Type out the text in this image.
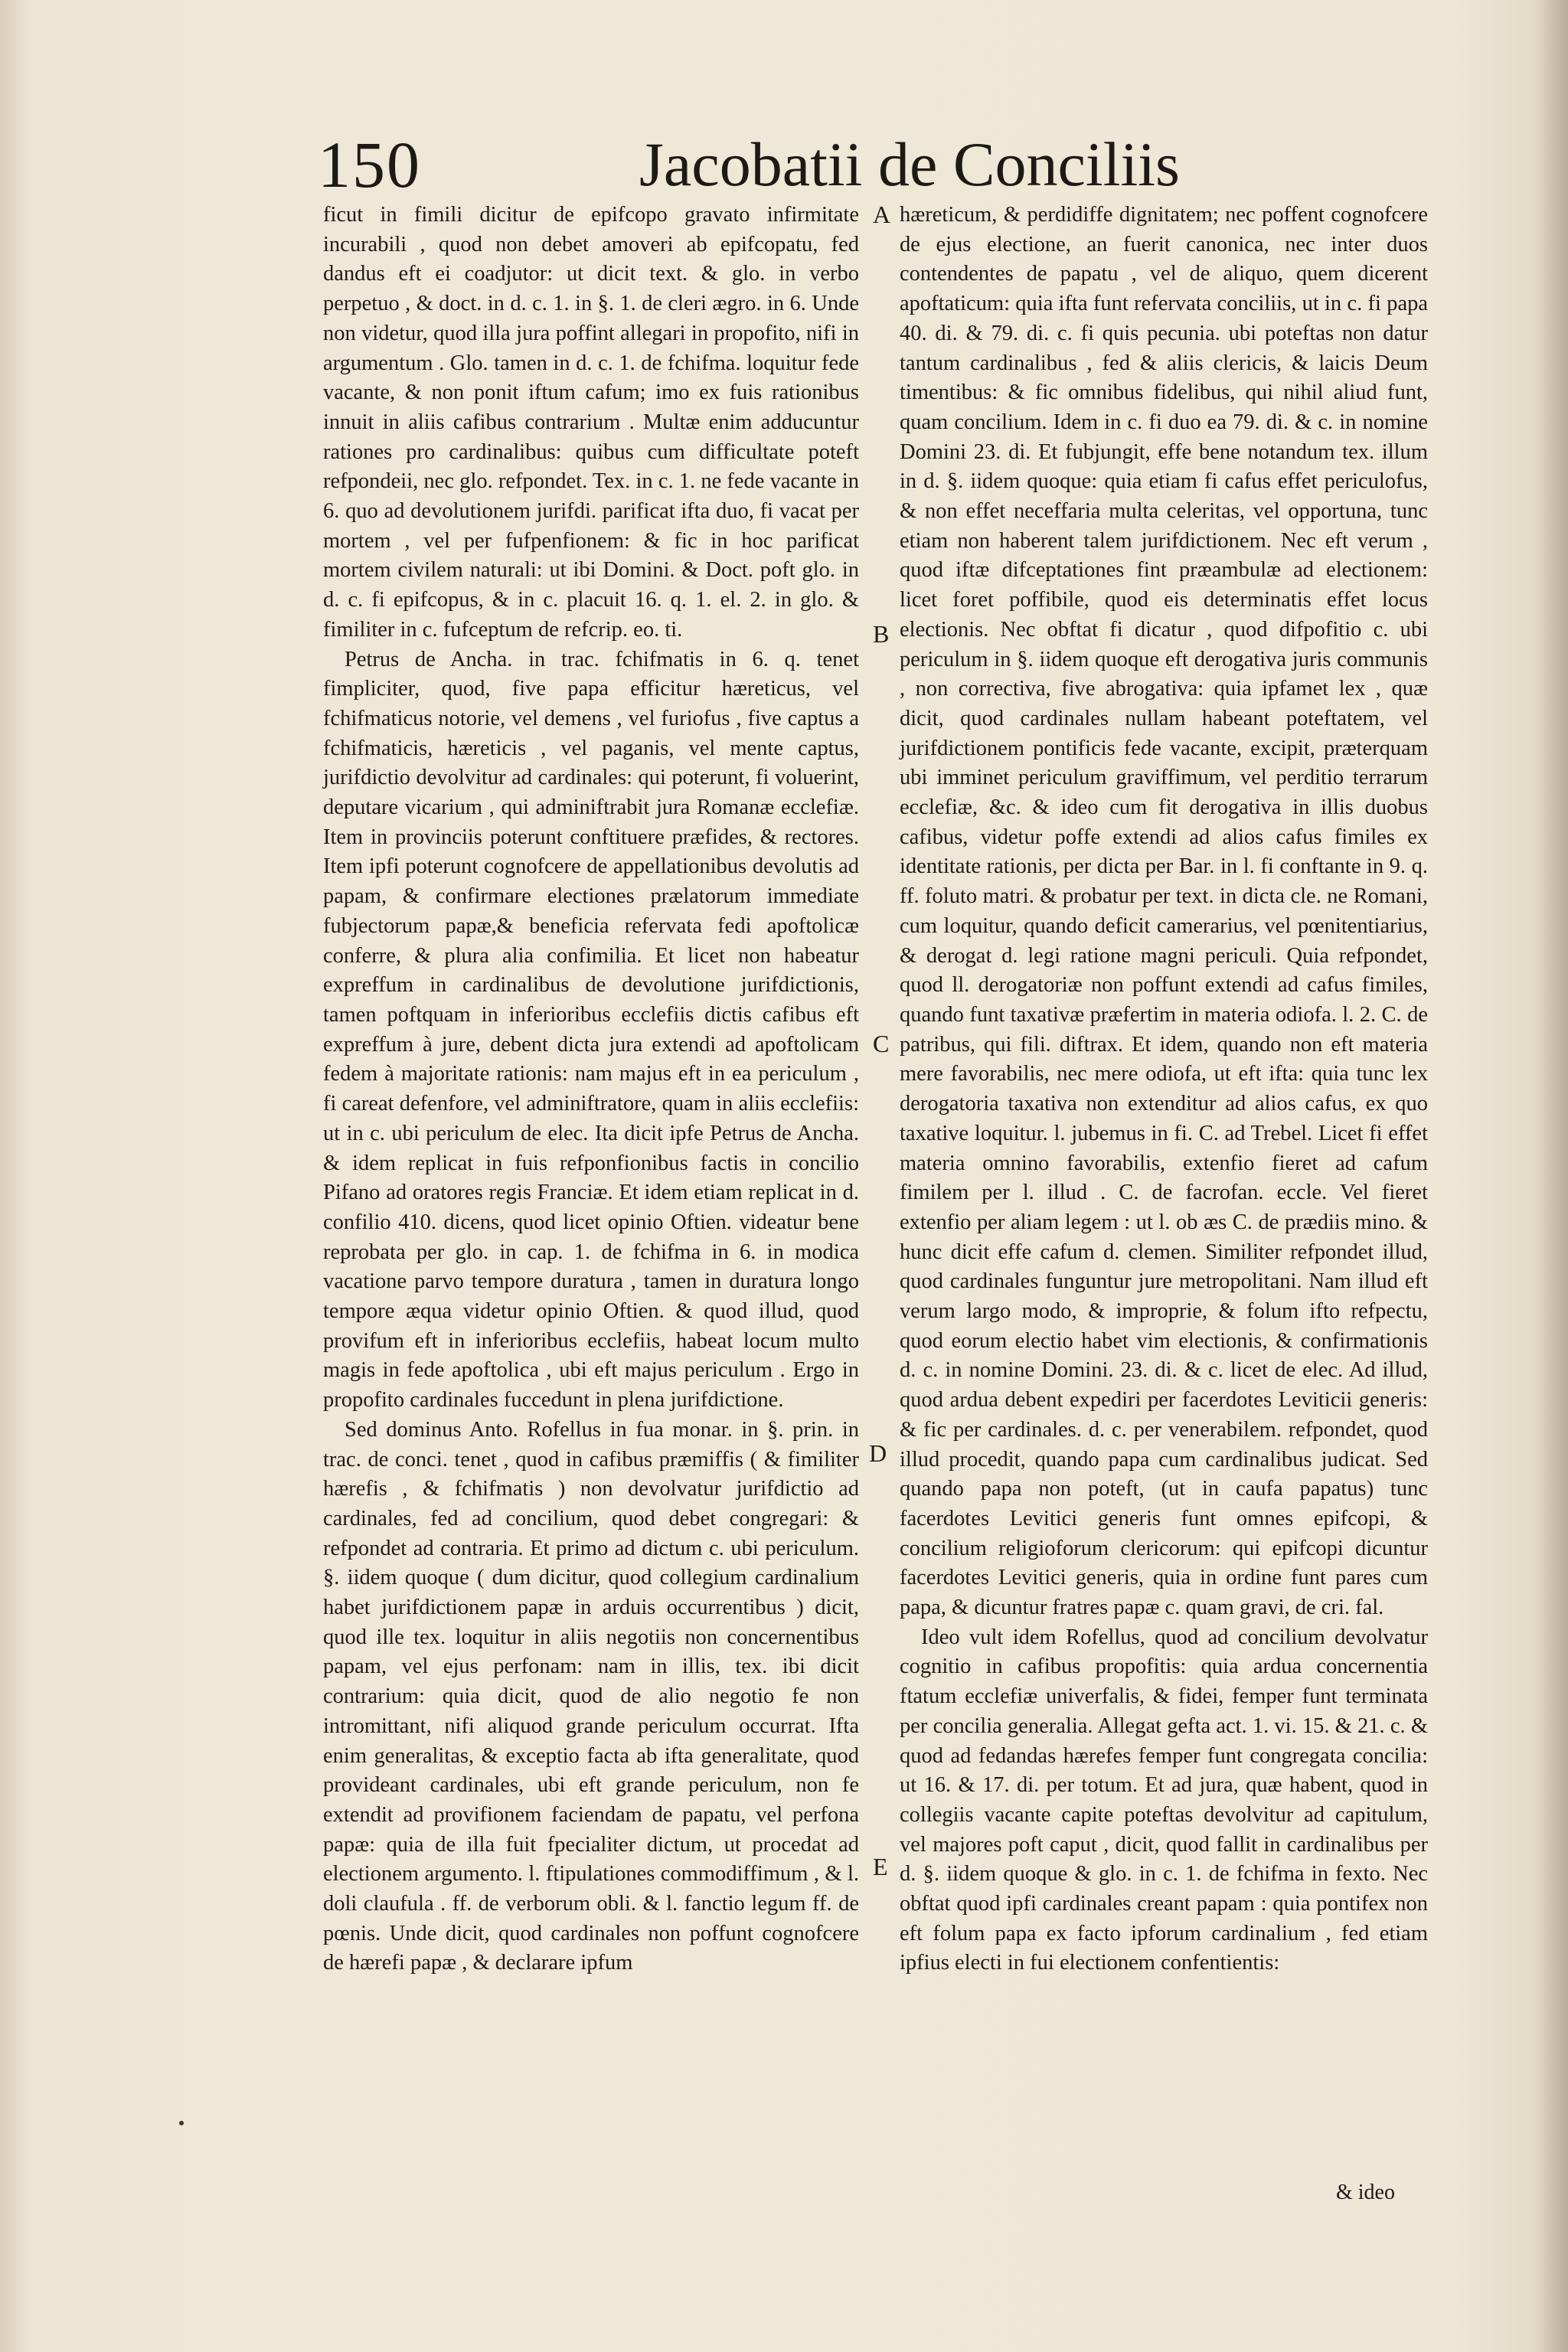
150	Jacobatii de Conciliis

ficut in fimili dicitur de epifcopo gravato infirmitate incurabili , quod non debet amoveri ab epifcopatu, fed dandus eft ei coadjutor: ut dicit text. & glo. in verbo perpetuo , & doct. in d. c. 1. in §. 1. de cleri ægro. in 6. Unde non videtur, quod illa jura poffint allegari in propofito, nifi in argumentum . Glo. tamen in d. c. 1. de fchifma. loquitur fede vacante, & non ponit iftum cafum; imo ex fuis rationibus innuit in aliis cafibus contrarium . Multæ enim adducuntur rationes pro cardinalibus: quibus cum difficultate poteft refpondeii, nec glo. refpondet. Tex. in c. 1. ne fede vacante in 6. quo ad devolutionem jurifdi. parificat ifta duo, fi vacat per mortem , vel per fufpenfionem: & fic in hoc parificat mortem civilem naturali: ut ibi Domini. & Doct. poft glo. in d. c. fi epifcopus, & in c. placuit 16. q. 1. el. 2. in glo. & fimiliter in c. fufceptum de refcrip. eo. ti.

Petrus de Ancha. in trac. fchifmatis in 6. q. tenet fimpliciter, quod, five papa efficitur hæreticus, vel fchifmaticus notorie, vel demens , vel furiofus , five captus a fchifmaticis, hæreticis , vel paganis, vel mente captus, jurifdictio devolvitur ad cardinales: qui poterunt, fi voluerint, deputare vicarium , qui adminiftrabit jura Romanæ ecclefiæ. Item in provinciis poterunt conftituere præfides, & rectores. Item ipfi poterunt cognofcere de appellationibus devolutis ad papam, & confirmare electiones prælatorum immediate fubjectorum papæ,& beneficia refervata fedi apoftolicæ conferre, & plura alia confimilia. Et licet non habeatur expreffum in cardinalibus de devolutione jurifdictionis, tamen poftquam in inferioribus ecclefiis dictis cafibus eft expreffum à jure, debent dicta jura extendi ad apoftolicam fedem à majoritate rationis: nam majus eft in ea periculum , fi careat defenfore, vel adminiftratore, quam in aliis ecclefiis: ut in c. ubi periculum de elec. Ita dicit ipfe Petrus de Ancha. & idem replicat in fuis refponfionibus factis in concilio Pifano ad oratores regis Franciæ. Et idem etiam replicat in d. confilio 410. dicens, quod licet opinio Oftien. videatur bene reprobata per glo. in cap. 1. de fchifma in 6. in modica vacatione parvo tempore duratura , tamen in duratura longo tempore æqua videtur opinio Oftien. & quod illud, quod provifum eft in inferioribus ecclefiis, habeat locum multo magis in fede apoftolica , ubi eft majus periculum . Ergo in propofito cardinales fuccedunt in plena jurifdictione.

Sed dominus Anto. Rofellus in fua monar. in §. prin. in trac. de conci. tenet , quod in cafibus præmiffis ( & fimiliter hærefis , & fchifmatis ) non devolvatur jurifdictio ad cardinales, fed ad concilium, quod debet congregari: & refpondet ad contraria. Et primo ad dictum c. ubi periculum. §. iidem quoque ( dum dicitur, quod collegium cardinalium habet jurifdictionem papæ in arduis occurrentibus ) dicit, quod ille tex. loquitur in aliis negotiis non concernentibus papam, vel ejus perfonam: nam in illis, tex. ibi dicit contrarium: quia dicit, quod de alio negotio fe non intromittant, nifi aliquod grande periculum occurrat. Ifta enim generalitas, & exceptio facta ab ifta generalitate, quod provideant cardinales, ubi eft grande periculum, non fe extendit ad provifionem faciendam de papatu, vel perfona papæ: quia de illa fuit fpecialiter dictum, ut procedat ad electionem argumento. l. ftipulationes commodiffimum , & l. doli claufula . ff. de verborum obli. & l. fanctio legum ff. de pœnis. Unde dicit, quod cardinales non poffunt cognofcere de hærefi papæ , & declarare ipfum

hæreticum, & perdidiffe dignitatem; nec poffent cognofcere de ejus electione, an fuerit canonica, nec inter duos contendentes de papatu , vel de aliquo, quem dicerent apoftaticum: quia ifta funt refervata conciliis, ut in c. fi papa 40. di. & 79. di. c. fi quis pecunia. ubi poteftas non datur tantum cardinalibus , fed & aliis clericis, & laicis Deum timentibus: & fic omnibus fidelibus, qui nihil aliud funt, quam concilium. Idem in c. fi duo ea 79. di. & c. in nomine Domini 23. di. Et fubjungit, effe bene notandum tex. illum in d. §. iidem quoque: quia etiam fi cafus effet periculofus, & non effet neceffaria multa celeritas, vel opportuna, tunc etiam non haberent talem jurifdictionem. Nec eft verum , quod iftæ difceptationes fint præambulæ ad electionem: licet foret poffibile, quod eis determinatis effet locus electionis. Nec obftat fi dicatur , quod difpofitio c. ubi periculum in §. iidem quoque eft derogativa juris communis , non correctiva, five abrogativa: quia ipfamet lex , quæ dicit, quod cardinales nullam habeant poteftatem, vel jurifdictionem pontificis fede vacante, excipit, præterquam ubi imminet periculum graviffimum, vel perditio terrarum ecclefiæ, &c. & ideo cum fit derogativa in illis duobus cafibus, videtur poffe extendi ad alios cafus fimiles ex identitate rationis, per dicta per Bar. in l. fi conftante in 9. q. ff. foluto matri. & probatur per text. in dicta cle. ne Romani, cum loquitur, quando deficit camerarius, vel pœnitentiarius, & derogat d. legi ratione magni periculi. Quia refpondet, quod ll. derogatoriæ non poffunt extendi ad cafus fimiles, quando funt taxativæ præfertim in materia odiofa. l. 2. C. de patribus, qui fili. diftrax. Et idem, quando non eft materia mere favorabilis, nec mere odiofa, ut eft ifta: quia tunc lex derogatoria taxativa non extenditur ad alios cafus, ex quo taxative loquitur. l. jubemus in fi. C. ad Trebel. Licet fi effet materia omnino favorabilis, extenfio fieret ad cafum fimilem per l. illud . C. de facrofan. eccle. Vel fieret extenfio per aliam legem : ut l. ob æs C. de prædiis mino. & hunc dicit effe cafum d. clemen. Similiter refpondet illud, quod cardinales funguntur jure metropolitani. Nam illud eft verum largo modo, & improprie, & folum ifto refpectu, quod eorum electio habet vim electionis, & confirmationis d. c. in nomine Domini. 23. di. & c. licet de elec. Ad illud, quod ardua debent expediri per facerdotes Leviticii generis: & fic per cardinales. d. c. per venerabilem. refpondet, quod illud procedit, quando papa cum cardinalibus judicat. Sed quando papa non poteft, (ut in caufa papatus) tunc facerdotes Levitici generis funt omnes epifcopi, & concilium religioforum clericorum: qui epifcopi dicuntur facerdotes Levitici generis, quia in ordine funt pares cum papa, & dicuntur fratres papæ c. quam gravi, de cri. fal.

Ideo vult idem Rofellus, quod ad concilium devolvatur cognitio in cafibus propofitis: quia ardua concernentia ftatum ecclefiæ univerfalis, & fidei, femper funt terminata per concilia generalia. Allegat gefta act. 1. vi. 15. & 21. c. & quod ad fedandas hærefes femper funt congregata concilia: ut 16. & 17. di. per totum. Et ad jura, quæ habent, quod in collegiis vacante capite poteftas devolvitur ad capitulum, vel majores poft caput , dicit, quod fallit in cardinalibus per d. §. iidem quoque & glo. in c. 1. de fchifma in fexto. Nec obftat quod ipfi cardinales creant papam : quia pontifex non eft folum papa ex facto ipforum cardinalium , fed etiam ipfius electi in fui electionem confentientis:

A
B
C
D
E
& ideo
